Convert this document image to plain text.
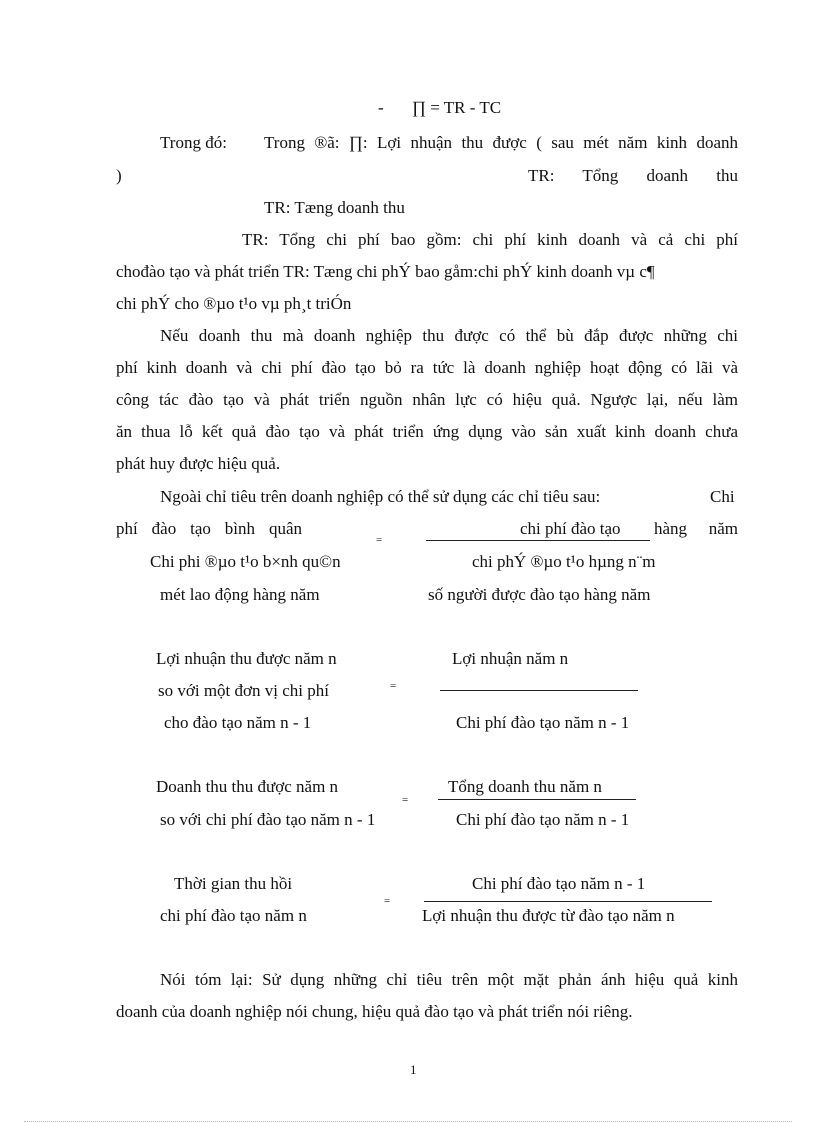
- ∏ = TR - TC
Trong đó: Trong ®ã: ∏: Lợi nhuận thu được ( sau mét năm kinh doanh
)	TR: Tổng doanh thu
TR: Tæng doanh thu
TR: Tổng chi phí bao gồm: chi phí kinh doanh và cả chi phí
chođào tạo và phát triển TR: Tæng chi phÝ bao gåm:chi phÝ kinh doanh vµ c¶
chi phÝ cho ®µo t¹o vµ ph¸t triÓn
Nếu doanh thu mà doanh nghiệp thu được có thể bù đắp được những chi
phí kinh doanh và chi phí đào tạo bỏ ra tức là doanh nghiệp hoạt động có lãi và
công tác đào tạo và phát triển nguồn nhân lực có hiệu quả. Ngược lại, nếu làm
ăn thua lỗ kết quả đào tạo và phát triển ứng dụng vào sản xuất kinh doanh chưa
phát huy được hiệu quả.
Ngoài chỉ tiêu trên doanh nghiệp có thể sử dụng các chỉ tiêu sau:	Chi
phí đào tạo bình quân
=
chi phí đào tạo hàng năm
Chi phi ®µo t¹o b×nh qu©n	chi phÝ ®µo t¹o hµng n¨m
mét lao động hàng năm	số người được đào tạo hàng năm
Lợi nhuận thu được năm n
so với một đơn vị chi phí
cho đào tạo năm n - 1
=
Lợi nhuận năm n
Chi phí đào tạo năm n - 1
Doanh thu thu được năm n
so với chi phí đào tạo năm n - 1
=
Tổng doanh thu năm n
Chi phí đào tạo năm n - 1
Thời gian thu hồi
chi phí đào tạo năm n
=
Chi phí đào tạo năm n - 1
Lợi nhuận thu được từ đào tạo năm n
Nói tóm lại: Sử dụng những chỉ tiêu trên một mặt phản ánh hiệu quả kinh
doanh của doanh nghiệp nói chung, hiệu quả đào tạo và phát triển nói riêng.
1
